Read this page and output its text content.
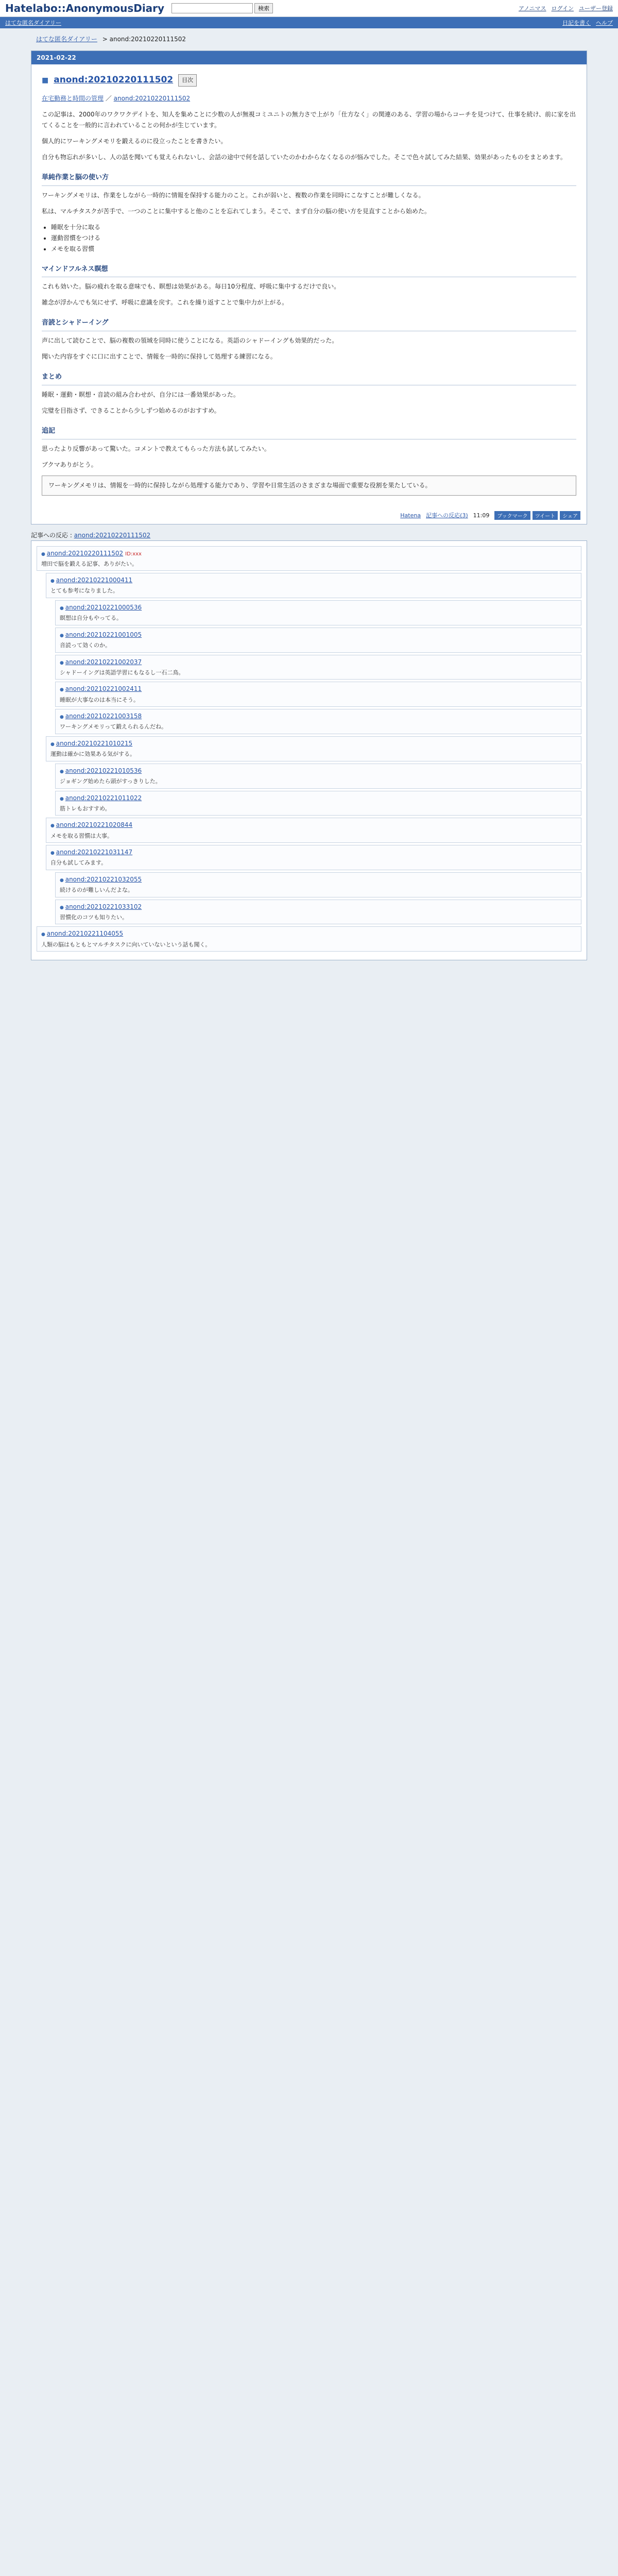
Hatelabo::AnonymousDiary	検索	アノニマス ログイン ユーザー登録
はてな匿名ダイアリー	日記を書く ヘルプ
はてな匿名ダイアリー > anond:20210220111502
2021-02-22
■ anond:20210220111502	目次

在宅勤務と時間の管理 ／ anond:20210220111502

この記事は、2000年のワクワクデイトを、知人を集めことに少数の人が無視コミユニトの無力さで上がり「仕方なく」の関連のある、学習の場からコーチを見つけて、仕事を続け、前に家を出てくることを一般的に言われていることの何かが生じています。

個人的にワーキングメモリを鍛えるのに役立ったことを書きたい。

自分も物忘れが多いし、人の話を聞いても覚えられないし、会話の途中で何を話していたのかわからなくなるのが悩みでした。そこで色々試してみた結果、効果があったものをまとめます。

単純作業と脳の使い方

ワーキングメモリは、作業をしながら一時的に情報を保持する能力のこと。これが弱いと、複数の作業を同時にこなすことが難しくなる。

私は、マルチタスクが苦手で、一つのことに集中すると他のことを忘れてしまう。そこで、まず自分の脳の使い方を見直すことから始めた。

• 睡眠を十分に取る
• 運動習慣をつける
• メモを取る習慣
マインドフルネス瞑想

これも効いた。脳の疲れを取る意味でも、瞑想は効果がある。毎日10分程度、呼吸に集中するだけで良い。

雑念が浮かんでも気にせず、呼吸に意識を戻す。これを繰り返すことで集中力が上がる。

音読とシャドーイング

声に出して読むことで、脳の複数の領域を同時に使うことになる。英語のシャドーイングも効果的だった。

聞いた内容をすぐに口に出すことで、情報を一時的に保持して処理する練習になる。

まとめ

睡眠・運動・瞑想・音読の組み合わせが、自分には一番効果があった。

完璧を目指さず、できることから少しずつ始めるのがおすすめ。

追記

思ったより反響があって驚いた。コメントで教えてもらった方法も試してみたい。

ブクマありがとう。

ワーキングメモリは、情報を一時的に保持しながら処理する能力であり、学習や日常生活のさまざまな場面で重要な役割を果たしている。
Hatena 記事への反応(3) 11:09	ブックマーク	ツイート	シェア
記事への反応 : anond:20210220111502
● anond:20210220111502 ID:xxx
増田で脳を鍛える記事、ありがたい。
● anond:20210221000411
とても参考になりました。
● anond:20210221000536
瞑想は自分もやってる。
● anond:20210221001005
音読って効くのか。
● anond:20210221002037
シャドーイングは英語学習にもなるし一石二鳥。
● anond:20210221002411
睡眠が大事なのは本当にそう。
● anond:20210221003158
ワーキングメモリって鍛えられるんだね。
● anond:20210221010215
運動は確かに効果ある気がする。
● anond:20210221010536
ジョギング始めたら頭がすっきりした。
● anond:20210221011022
筋トレもおすすめ。
● anond:20210221020844
メモを取る習慣は大事。
● anond:20210221031147
自分も試してみます。
● anond:20210221032055
続けるのが難しいんだよな。
● anond:20210221033102
習慣化のコツも知りたい。
● anond:20210221104055
人類の脳はもともとマルチタスクに向いていないという話も聞く。
